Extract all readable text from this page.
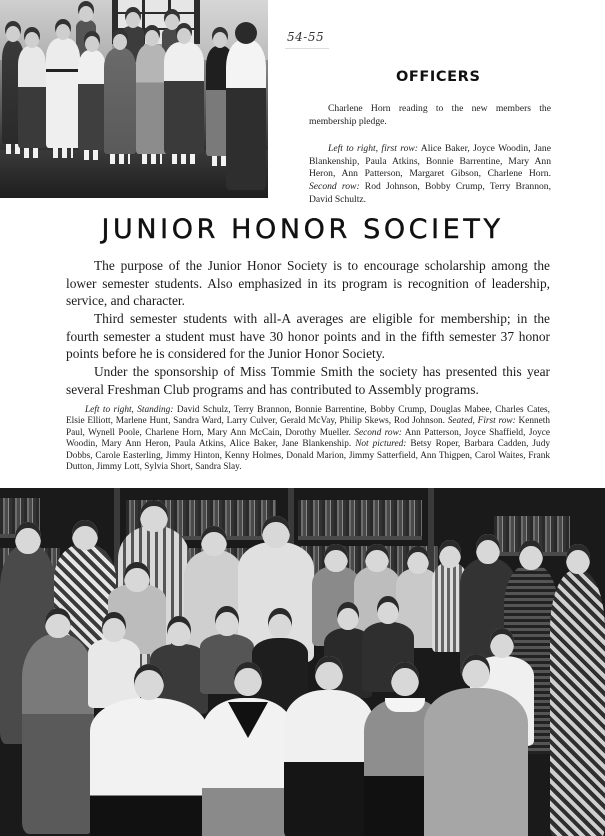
54-55
OFFICERS
Charlene Horn reading to the new members the membership pledge.
Left to right, first row: Alice Baker, Joyce Woodin, Jane Blankenship, Paula Atkins, Bonnie Barrentine, Mary Ann Heron, Ann Patterson, Margaret Gibson, Charlene Horn. Second row: Rod Johnson, Bobby Crump, Terry Brannon, David Schultz.
JUNIOR HONOR SOCIETY

The purpose of the Junior Honor Society is to encourage scholarship among the lower semester students. Also emphasized in its program is recognition of leadership, service, and character.

Third semester students with all-A averages are eligible for membership; in the fourth semester a student must have 30 honor points and in the fifth semester 37 honor points before he is considered for the Junior Honor Society.

Under the sponsorship of Miss Tommie Smith the society has presented this year several Freshman Club programs and has contributed to Assembly programs.

Left to right, Standing: David Schulz, Terry Brannon, Bonnie Barrentine, Bobby Crump, Douglas Mabee, Charles Cates, Elsie Elliott, Marlene Hunt, Sandra Ward, Larry Culver, Gerald McVay, Philip Skews, Rod Johnson. Seated, First row: Kenneth Paul, Wynell Poole, Charlene Horn, Mary Ann McCain, Dorothy Mueller. Second row: Ann Patterson, Joyce Shaffield, Joyce Woodin, Mary Ann Heron, Paula Atkins, Alice Baker, Jane Blankenship. Not pictured: Betsy Roper, Barbara Cadden, Judy Dobbs, Carole Easterling, Jimmy Hinton, Kenny Holmes, Donald Marion, Jimmy Satterfield, Ann Thigpen, Carol Waites, Frank Dutton, Jimmy Lott, Sylvia Short, Sandra Slay.
